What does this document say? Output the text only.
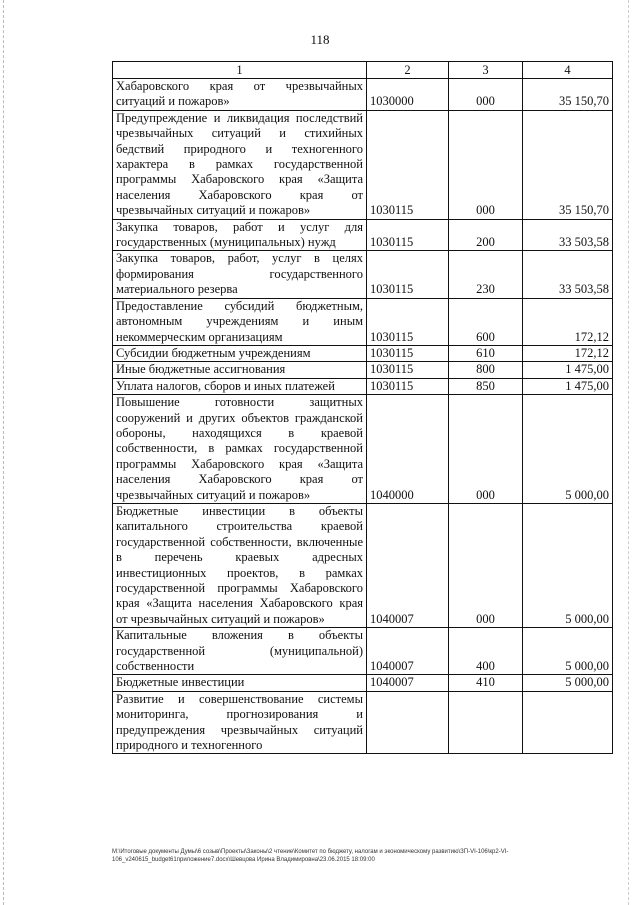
118
1	2	3	4
Хабаровского края от чрезвычайных ситуаций и пожаров»	1030000	000	35 150,70
Предупреждение и ликвидация последствий чрезвычайных ситуаций и стихийных бедствий природного и техногенного характера в рамках государственной программы Хабаровского края «Защита населения Хабаровского края от чрезвычайных ситуаций и пожаров»	1030115	000	35 150,70
Закупка товаров, работ и услуг для государственных (муниципальных) нужд	1030115	200	33 503,58
Закупка товаров, работ, услуг в целях формирования государственного материального резерва	1030115	230	33 503,58
Предоставление субсидий бюджетным, автономным учреждениям и иным некоммерческим организациям	1030115	600	172,12
Субсидии бюджетным учреждениям	1030115	610	172,12
Иные бюджетные ассигнования	1030115	800	1 475,00
Уплата налогов, сборов и иных платежей	1030115	850	1 475,00
Повышение готовности защитных сооружений и других объектов гражданской обороны, находящихся в краевой собственности, в рамках государственной программы Хабаровского края «Защита населения Хабаровского края от чрезвычайных ситуаций и пожаров»	1040000	000	5 000,00
Бюджетные инвестиции в объекты капитального строительства краевой государственной собственности, включенные в перечень краевых адресных инвестиционных проектов, в рамках государственной программы Хабаровского края «Защита населения Хабаровского края от чрезвычайных ситуаций и пожаров»	1040007	000	5 000,00
Капитальные вложения в объекты государственной (муниципальной) собственности	1040007	400	5 000,00
Бюджетные инвестиции	1040007	410	5 000,00
Развитие и совершенствование системы мониторинга, прогнозирования и предупреждения чрезвычайных ситуаций природного и техногенного			
M:\Итоговые документы Думы\6 созыв\Проекты\Законы\2 чтение\Комитет по бюджету, налогам и экономическому развитию\ЗП-VI-106\кр2-VI-106_v240615_budget61приложение7.docx\Шевцова Ирина Владимировна\23.06.2015 18:09:00
